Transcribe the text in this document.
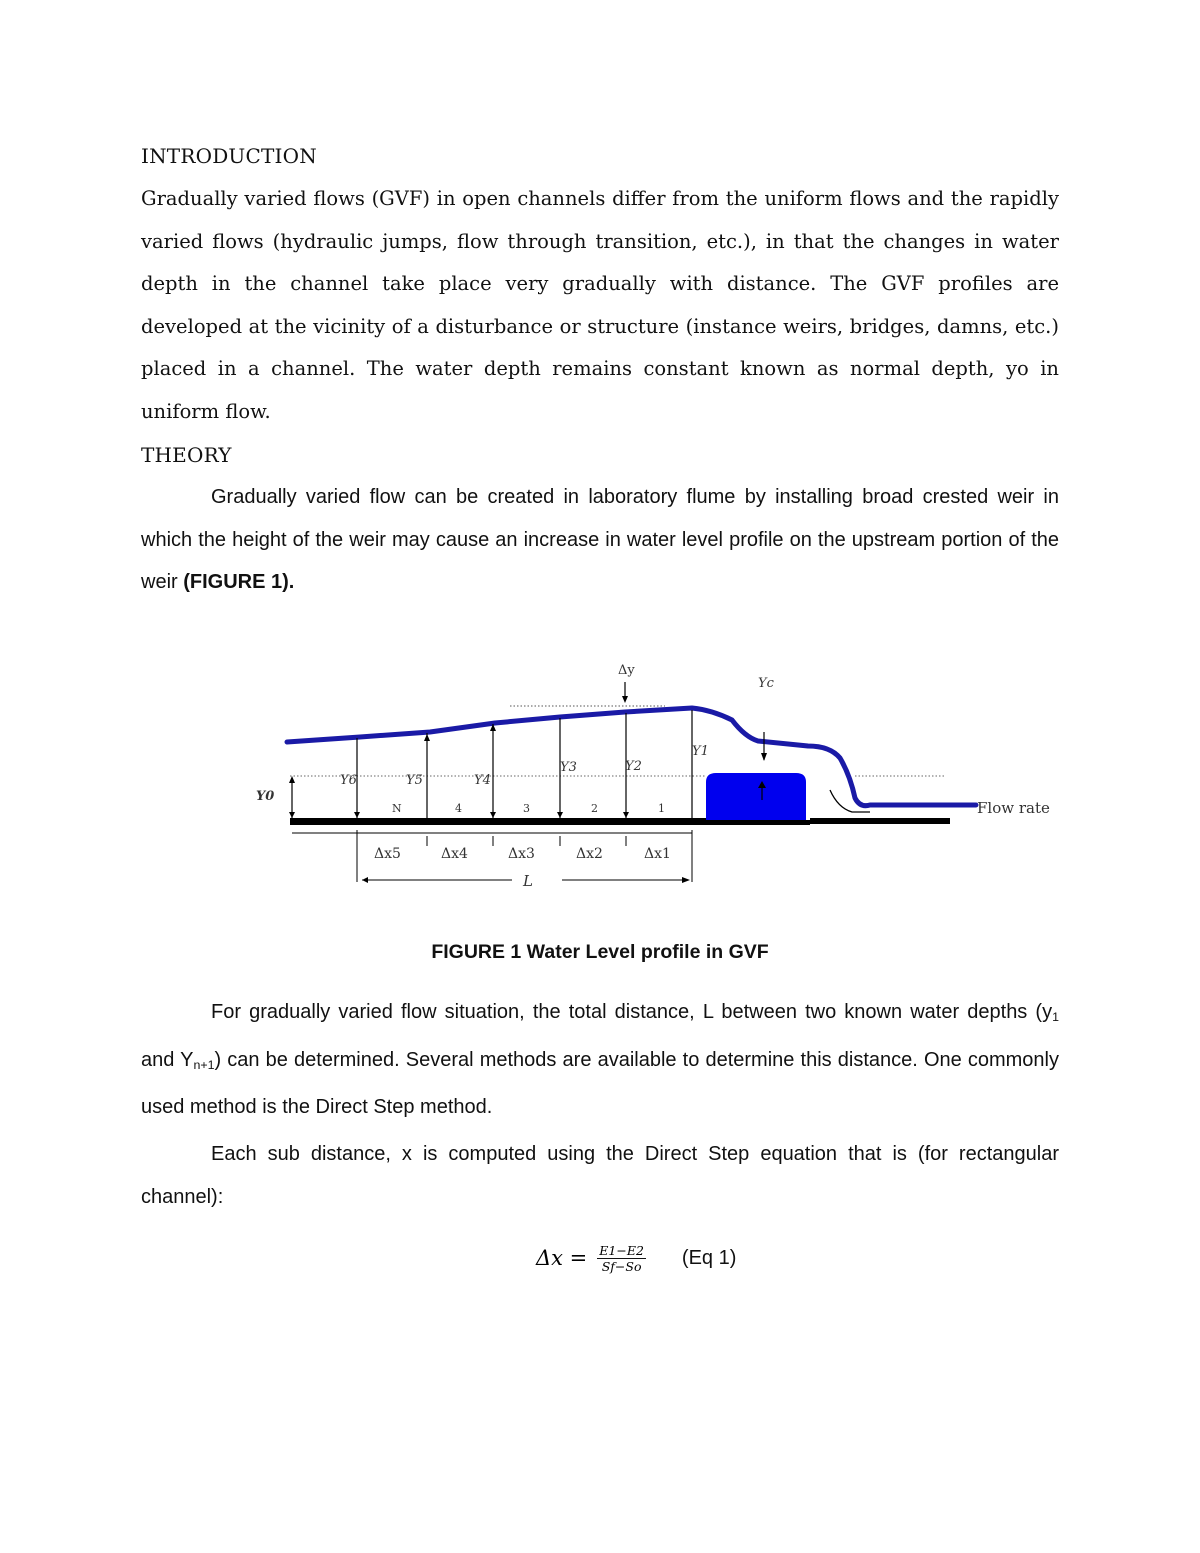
INTRODUCTION
Gradually varied flows (GVF) in open channels differ from the uniform flows and the rapidly varied flows (hydraulic jumps, flow through transition, etc.), in that the changes in water depth in the channel take place very gradually with distance. The GVF profiles are developed at the vicinity of a disturbance or structure (instance weirs, bridges, damns, etc.) placed in a channel. The water depth remains constant known as normal depth, yo in uniform flow.
THEORY
Gradually varied flow can be created in laboratory flume by installing broad crested weir in which the height of the weir may cause an increase in water level profile on the upstream portion of the weir (FIGURE 1).
Δy
Yc
Y0
Y1
Y2
Y3
Y4
Y5
Y6
N	4	3	2	1
Δx5	Δx4	Δx3	Δx2	Δx1
L
Flow rate
FIGURE 1 Water Level profile in GVF
For gradually varied flow situation, the total distance, L between two known water depths ($y_1$ and $Y_{n+1}$) can be determined. Several methods are available to determine this distance. One commonly used method is the Direct Step method.
Each sub distance, x is computed using the Direct Step equation that is (for rectangular channel):
$\Delta x = \frac{E1-E2}{Sf-So} (Eq$ 1)
